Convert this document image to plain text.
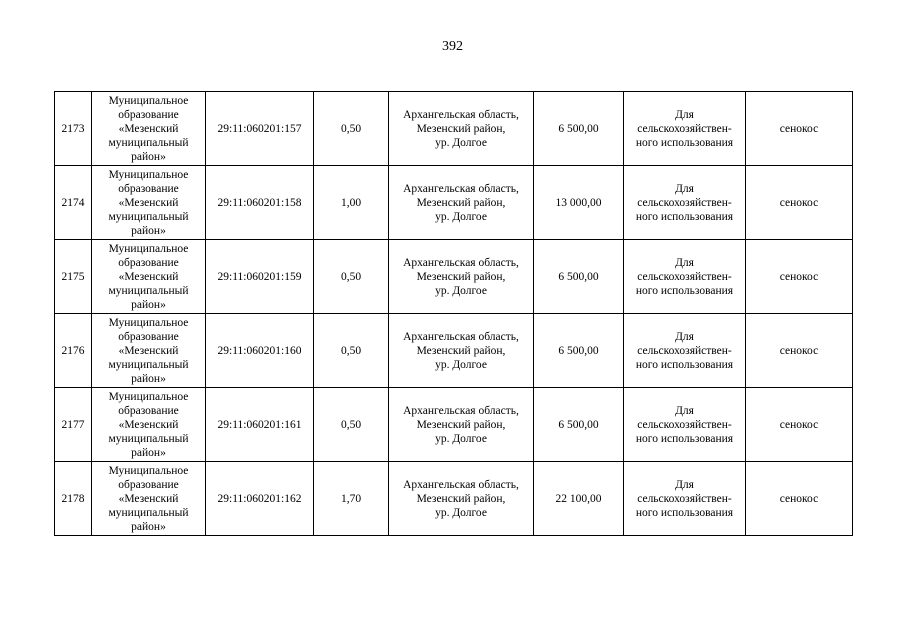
392
2173	Муниципальное
образование
«Мезенский
муниципальный
район»	29:11:060201:157	0,50	Архангельская область,
Мезенский район,
ур. Долгое	6 500,00	Для
сельскохозяйствен-
ного использования	сенокос
2174	Муниципальное
образование
«Мезенский
муниципальный
район»	29:11:060201:158	1,00	Архангельская область,
Мезенский район,
ур. Долгое	13 000,00	Для
сельскохозяйствен-
ного использования	сенокос
2175	Муниципальное
образование
«Мезенский
муниципальный
район»	29:11:060201:159	0,50	Архангельская область,
Мезенский район,
ур. Долгое	6 500,00	Для
сельскохозяйствен-
ного использования	сенокос
2176	Муниципальное
образование
«Мезенский
муниципальный
район»	29:11:060201:160	0,50	Архангельская область,
Мезенский район,
ур. Долгое	6 500,00	Для
сельскохозяйствен-
ного использования	сенокос
2177	Муниципальное
образование
«Мезенский
муниципальный
район»	29:11:060201:161	0,50	Архангельская область,
Мезенский район,
ур. Долгое	6 500,00	Для
сельскохозяйствен-
ного использования	сенокос
2178	Муниципальное
образование
«Мезенский
муниципальный
район»	29:11:060201:162	1,70	Архангельская область,
Мезенский район,
ур. Долгое	22 100,00	Для
сельскохозяйствен-
ного использования	сенокос
